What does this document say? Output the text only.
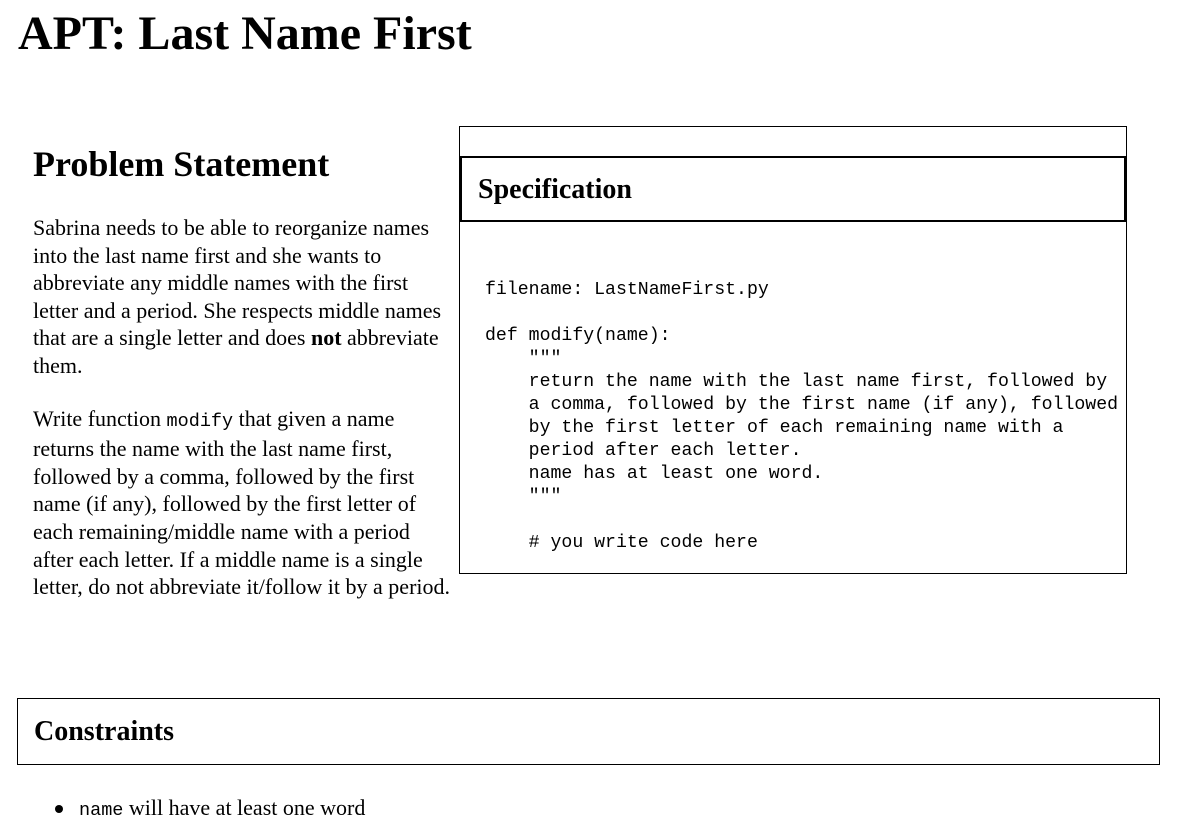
APT: Last Name First
Problem Statement

Sabrina needs to be able to reorganize names into the last name first and she wants to abbreviate any middle names with the first letter and a period. She respects middle names that are a single letter and does not abbreviate them.

Write function modify that given a name returns the name with the last name first, followed by a comma, followed by the first name (if any), followed by the first letter of each remaining/middle name with a period after each letter. If a middle name is a single letter, do not abbreviate it/follow it by a period.

Specification
filename: LastNameFirst.py
def modify(name):
"""
return the name with the last name first, followed by
a comma, followed by the first name (if any), followed
by the first letter of each remaining name with a
period after each letter.
name has at least one word.
"""
# you write code here
Constraints
name will have at least one word
